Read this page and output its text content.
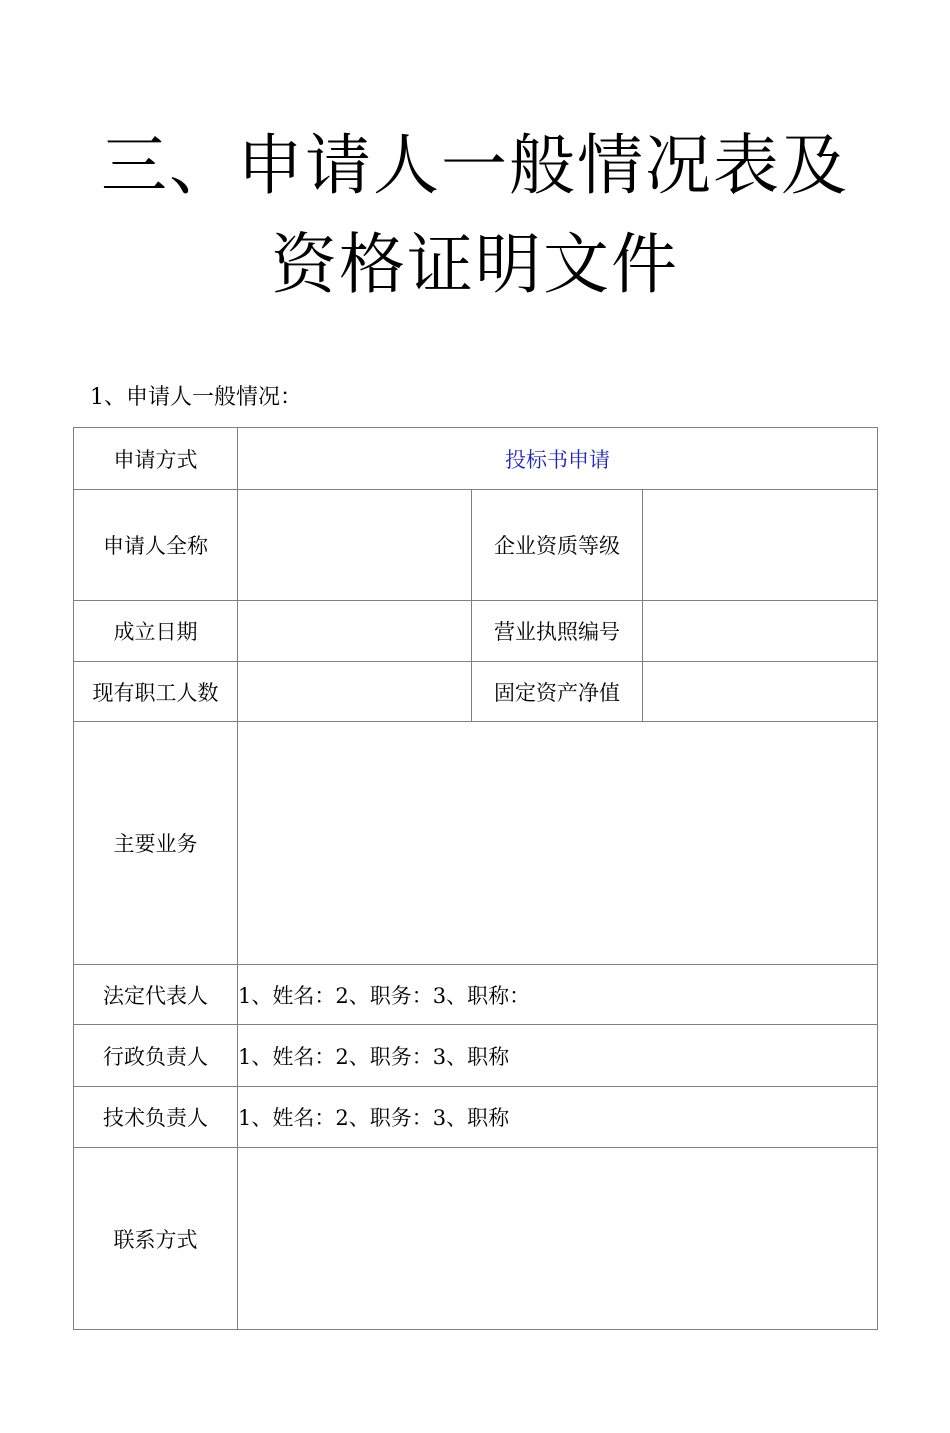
三、申请人一般情况表及
资格证明文件
1、申请人一般情况：
申请方式	投标书申请		
申请人全称		企业资质等级	
成立日期		营业执照编号	
现有职工人数		固定资产净值	
主要业务			
法定代表人	1、姓名：2、职务：3、职称：		
行政负责人	1、姓名：2、职务：3、职称		
技术负责人	1、姓名：2、职务：3、职称		
联系方式			
